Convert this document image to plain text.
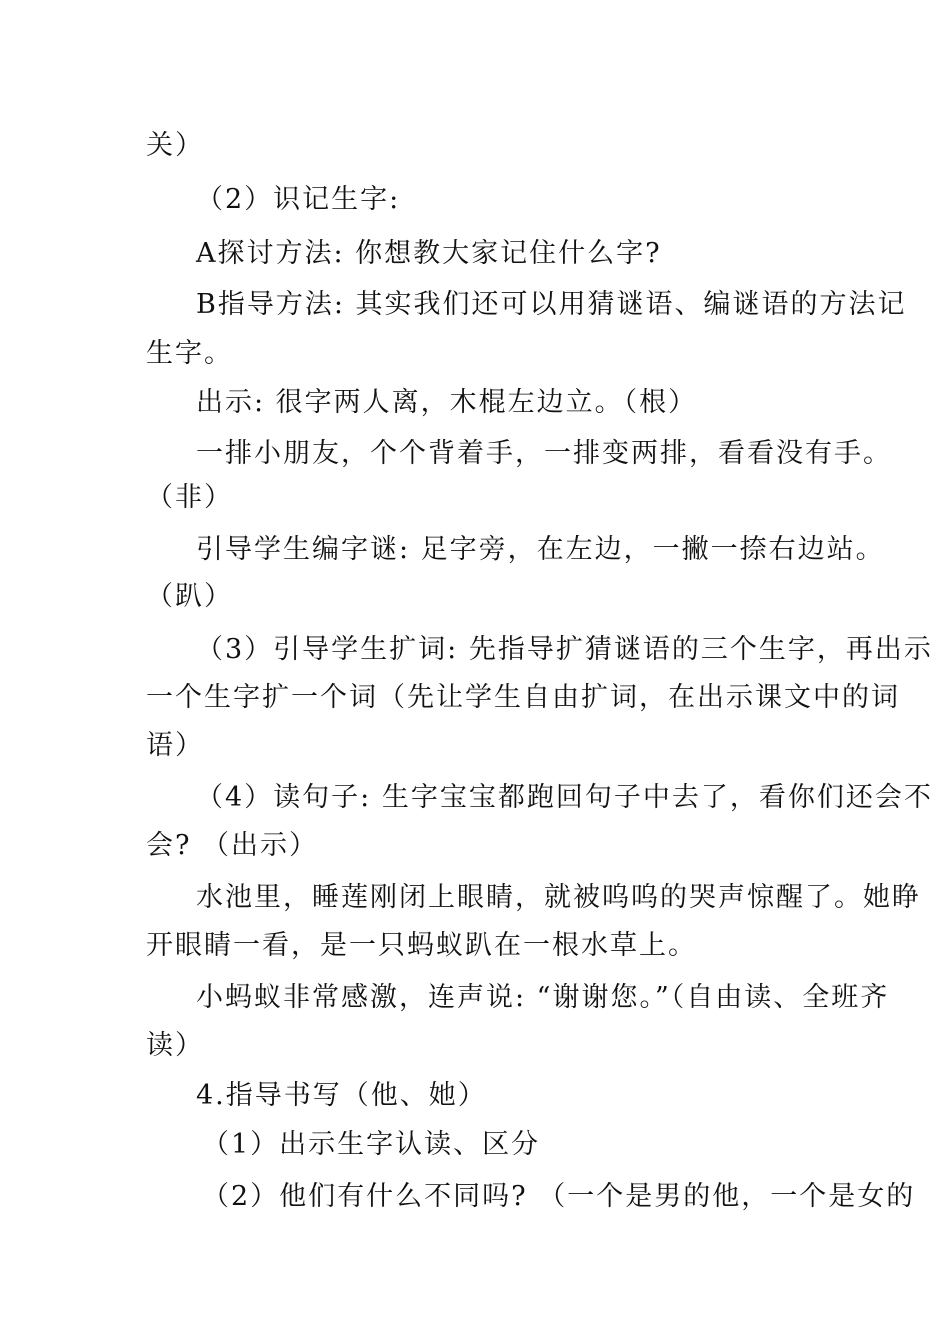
关）
（2）识记生字:
A探讨方法: 你想教大家记住什么字?
B指导方法: 其实我们还可以用猜谜语、编谜语的方法记
生字。
出示: 很字两人离，木棍左边立。（根）
一排小朋友，个个背着手，一排变两排，看看没有手。
（非）
引导学生编字谜: 足字旁，在左边，一撇一捺右边站。
（趴）
（3）引导学生扩词: 先指导扩猜谜语的三个生字，再出示
一个生字扩一个词（先让学生自由扩词，在出示课文中的词
语）
（4）读句子: 生字宝宝都跑回句子中去了，看你们还会不
会? （出示）
水池里，睡莲刚闭上眼睛，就被呜呜的哭声惊醒了。她睁
开眼睛一看，是一只蚂蚁趴在一根水草上。
小蚂蚁非常感激，连声说: “谢谢您。”（自由读、全班齐
读）
4.指导书写（他、她）
（1）出示生字认读、区分
（2）他们有什么不同吗? （一个是男的他，一个是女的
